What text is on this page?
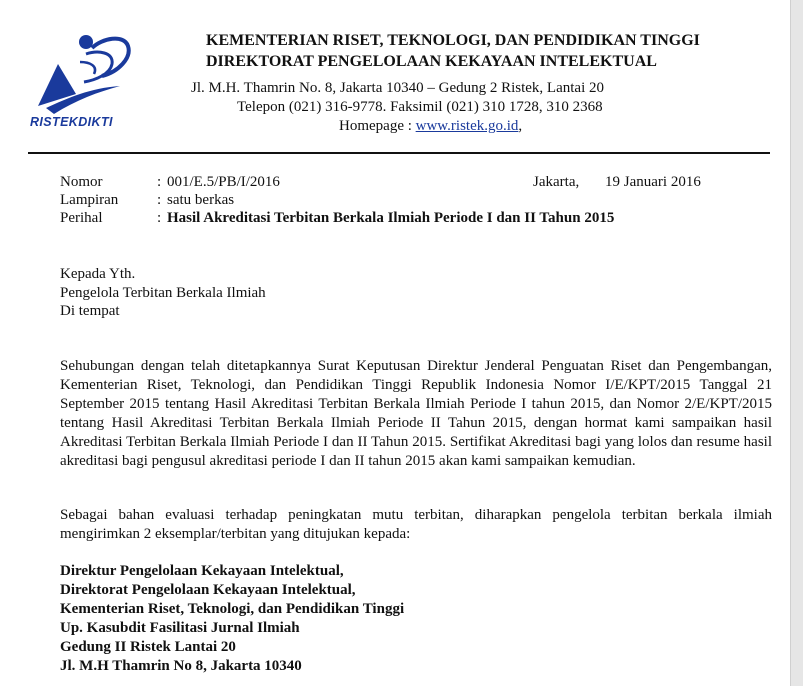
RISTEKDIKTI
KEMENTERIAN RISET, TEKNOLOGI, DAN PENDIDIKAN TINGGI
DIREKTORAT PENGELOLAAN KEKAYAAN INTELEKTUAL
Jl. M.H. Thamrin No. 8, Jakarta 10340 – Gedung 2 Ristek, Lantai 20
Telepon (021) 316-9778. Faksimil (021) 310 1728, 310 2368
Homepage : www.ristek.go.id,
Nomor	: 001/E.5/PB/I/2016
Lampiran	: satu berkas
Perihal	: Hasil Akreditasi Terbitan Berkala Ilmiah Periode I dan II Tahun 2015
Jakarta, 19 Januari 2016
Kepada Yth.
Pengelola Terbitan Berkala Ilmiah
Di tempat
Sehubungan dengan telah ditetapkannya Surat Keputusan Direktur Jenderal Penguatan Riset dan Pengembangan, Kementerian Riset, Teknologi, dan Pendidikan Tinggi Republik Indonesia Nomor I/E/KPT/2015 Tanggal 21 September 2015 tentang Hasil Akreditasi Terbitan Berkala Ilmiah Periode I tahun 2015, dan Nomor 2/E/KPT/2015 tentang Hasil Akreditasi Terbitan Berkala Ilmiah Periode II Tahun 2015, dengan hormat kami sampaikan hasil Akreditasi Terbitan Berkala Ilmiah Periode I dan II Tahun 2015. Sertifikat Akreditasi bagi yang lolos dan resume hasil akreditasi bagi pengusul akreditasi periode I dan II tahun 2015 akan kami sampaikan kemudian.
Sebagai bahan evaluasi terhadap peningkatan mutu terbitan, diharapkan pengelola terbitan berkala ilmiah mengirimkan 2 eksemplar/terbitan yang ditujukan kepada:
Direktur Pengelolaan Kekayaan Intelektual,
Direktorat Pengelolaan Kekayaan Intelektual,
Kementerian Riset, Teknologi, dan Pendidikan Tinggi
Up. Kasubdit Fasilitasi Jurnal Ilmiah
Gedung II Ristek Lantai 20
Jl. M.H Thamrin No 8, Jakarta 10340
